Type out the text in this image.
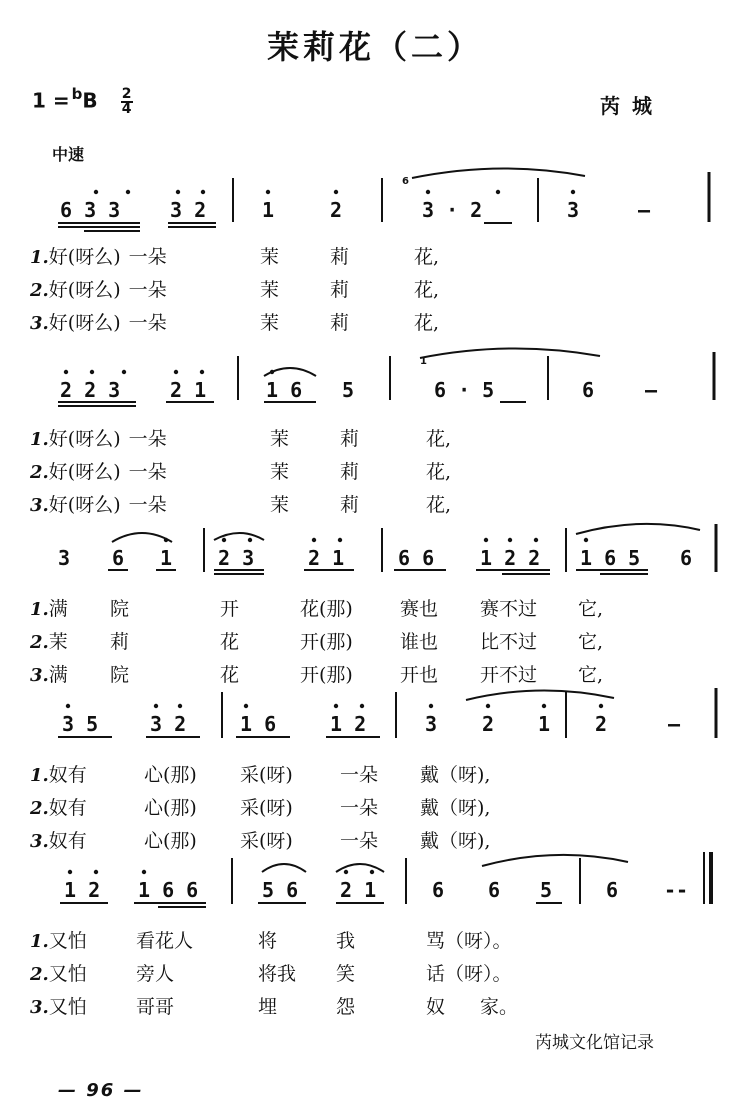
茉莉花（二）
$1 = ^bB \frac{2}{4}$	芮城
中速
6 3 3 3 2	1	2
6
3 · 2	3	–
1.好(呀么) 一朵	茉	莉	花,
2.好(呀么) 一朵	茉	莉	花,
3.好(呀么) 一朵	茉	莉	花,
2 2 3 2 1	1 6 5
1
6 · 5	6	–
1.好(呀么) 一朵	茉	莉	花,
2.好(呀么) 一朵	茉	莉	花,
3.好(呀么) 一朵	茉	莉	花,
3 6 1 2 3	2 1	6 6 1 2 2 1 6 5 6
1.满 院	开	花(那) 赛也 赛不过 它,
2.茉 莉	花	开(那) 谁也 比不过 它,
3.满 院	花	开(那) 开也 开不过 它,
3 5	3 2	1 6	1 2	3 2 1 2	–
1.奴有	心(那) 采(呀) 一朵 戴（呀),
2.奴有	心(那) 采(呀) 一朵 戴（呀),
3.奴有	心(那) 采(呀) 一朵 戴（呀),
1 2 1 6 6	5 6 2 1	6 6 5	6 --
1.又怕	看花人	将	我	骂（呀）。
2.又怕	旁人	将我 笑	话（呀）。
3.又怕	哥哥	埋	怨	奴 家。
芮城文化馆记录
— 96 —
